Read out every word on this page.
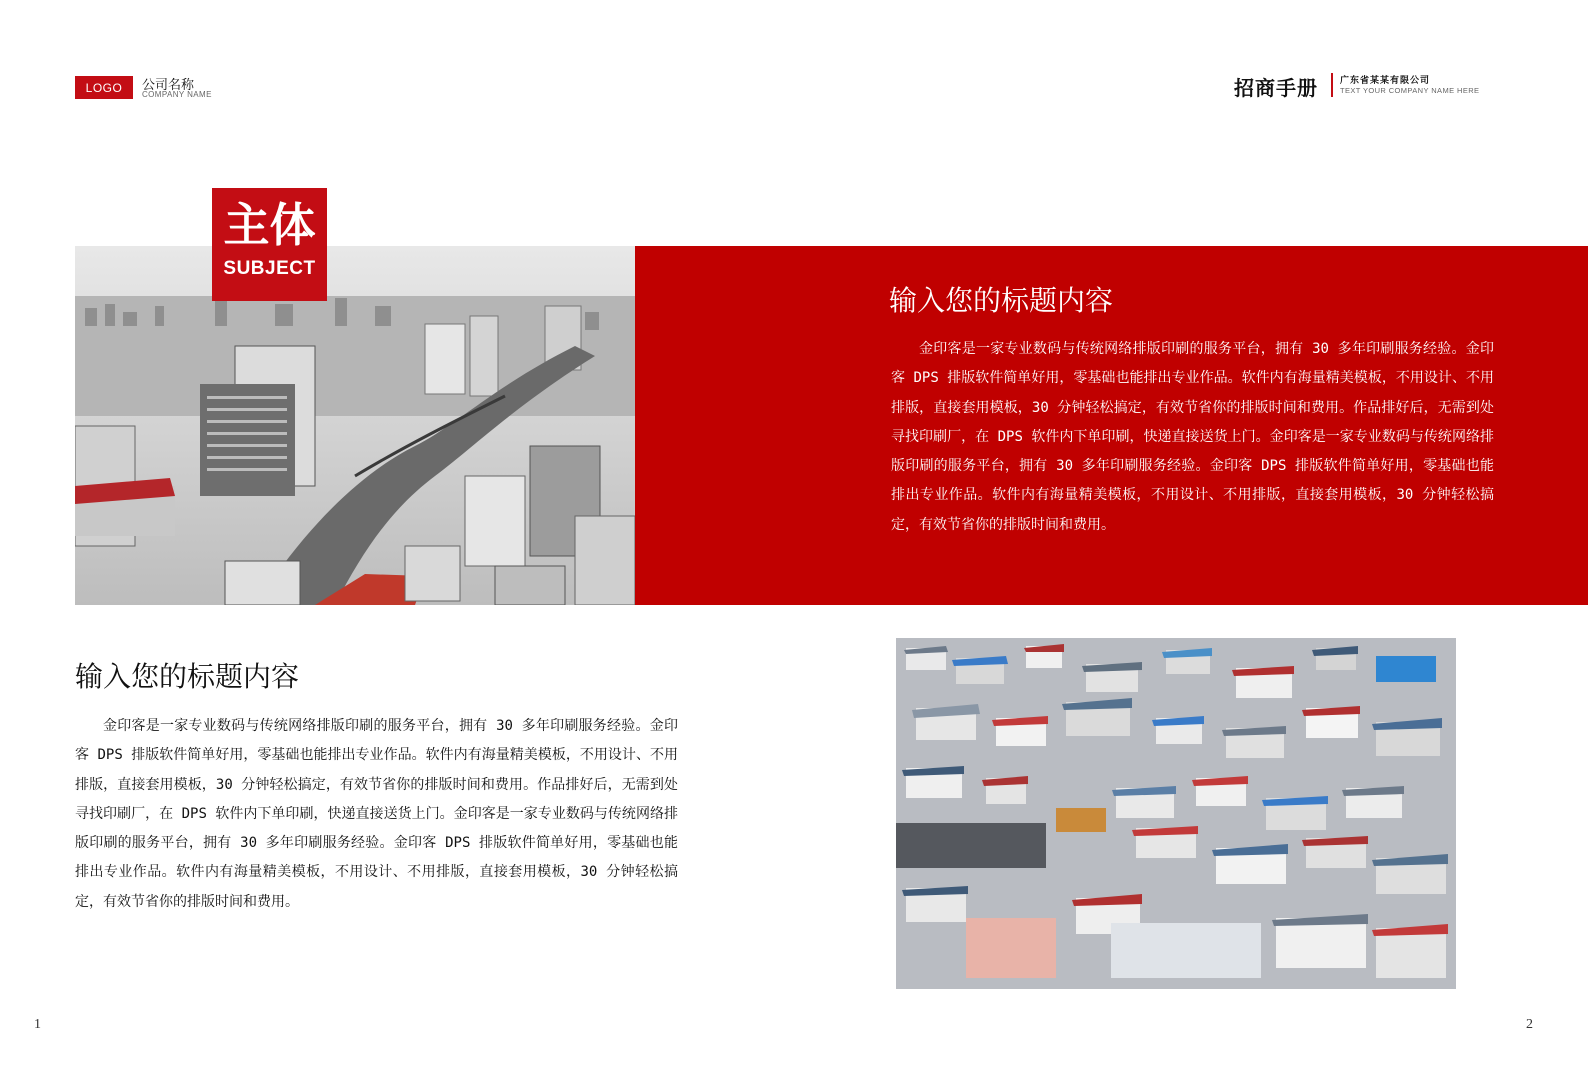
LOGO	公司名称
COMPANY NAME	招商手册 广东省某某有限公司
TEXT YOUR COMPANY NAME HERE
主体
SUBJECT
输入您的标题内容

金印客是一家专业数码与传统网络排版印刷的服务平台，拥有 30 多年印刷服务经验。金印客 DPS 排版软件简单好用，零基础也能排出专业作品。软件内有海量精美模板，不用设计、不用排版，直接套用模板，30 分钟轻松搞定，有效节省你的排版时间和费用。作品排好后，无需到处寻找印刷厂，在 DPS 软件内下单印刷，快递直接送货上门。金印客是一家专业数码与传统网络排版印刷的服务平台，拥有 30 多年印刷服务经验。金印客 DPS 排版软件简单好用，零基础也能排出专业作品。软件内有海量精美模板，不用设计、不用排版，直接套用模板，30 分钟轻松搞定，有效节省你的排版时间和费用。

输入您的标题内容

金印客是一家专业数码与传统网络排版印刷的服务平台，拥有 30 多年印刷服务经验。金印客 DPS 排版软件简单好用，零基础也能排出专业作品。软件内有海量精美模板，不用设计、不用排版，直接套用模板，30 分钟轻松搞定，有效节省你的排版时间和费用。作品排好后，无需到处寻找印刷厂，在 DPS 软件内下单印刷，快递直接送货上门。金印客是一家专业数码与传统网络排版印刷的服务平台，拥有 30 多年印刷服务经验。金印客 DPS 排版软件简单好用，零基础也能排出专业作品。软件内有海量精美模板，不用设计、不用排版，直接套用模板，30 分钟轻松搞定，有效节省你的排版时间和费用。

1	2
